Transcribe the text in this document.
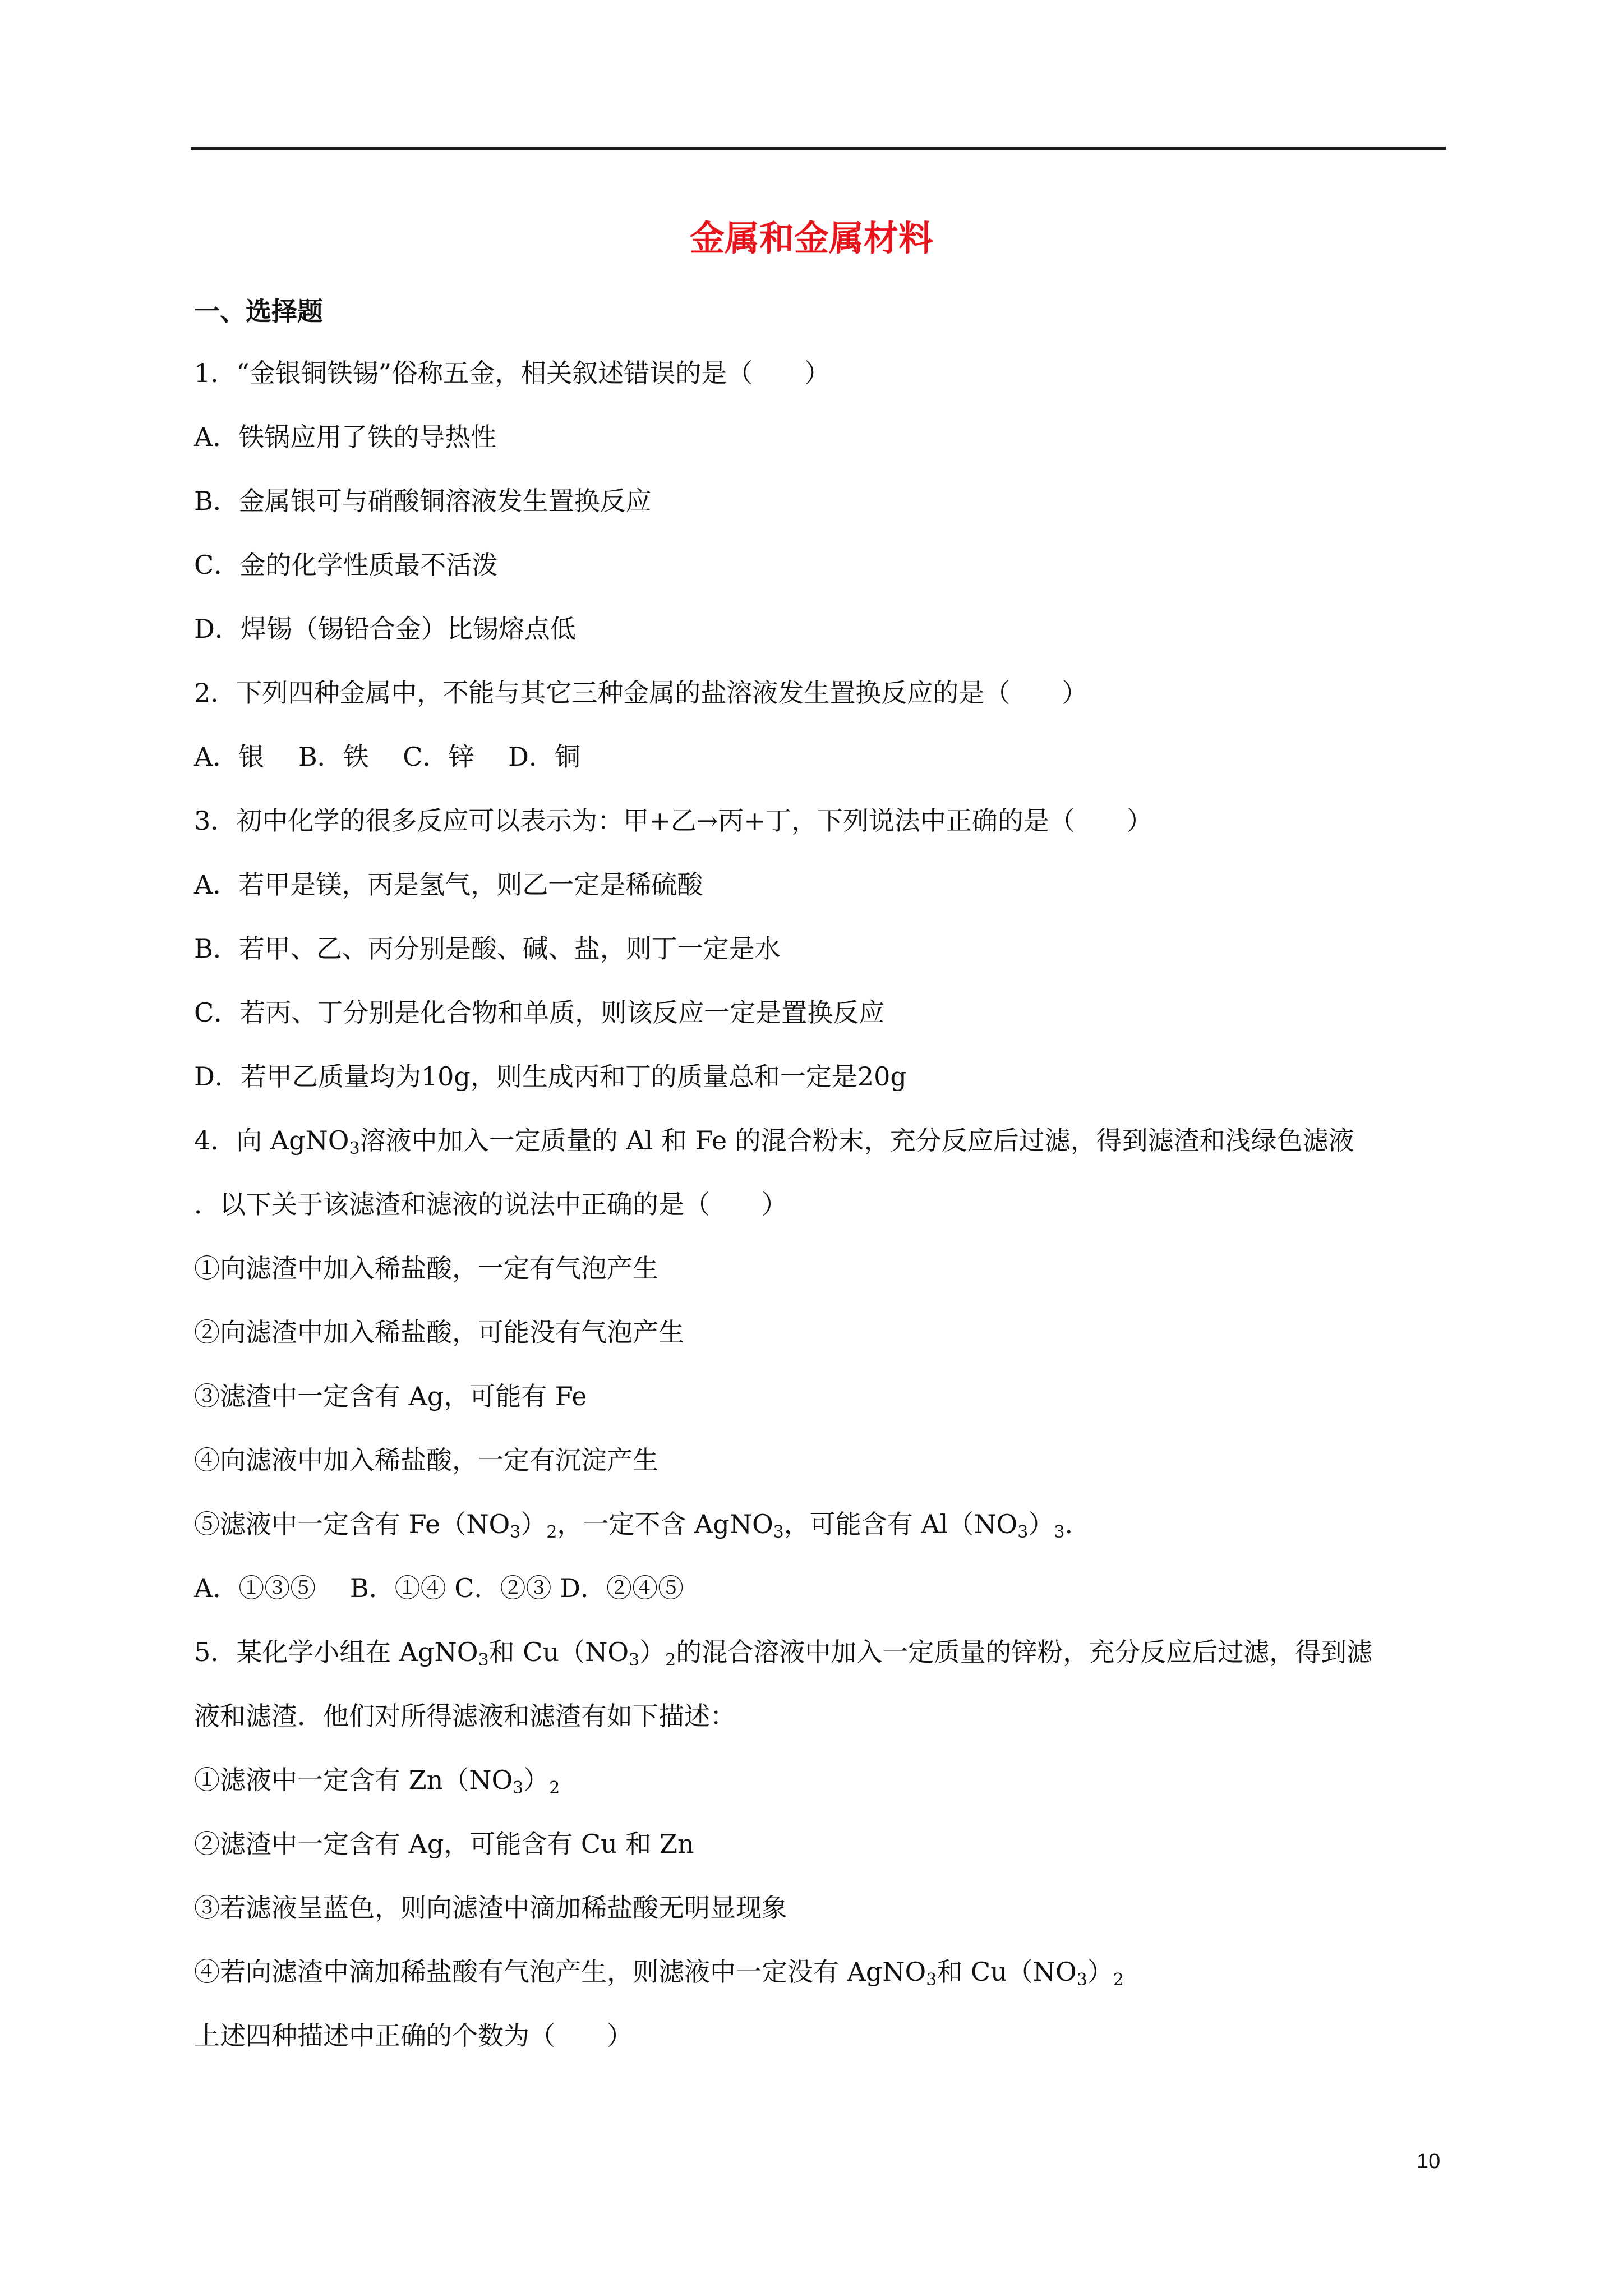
金属和金属材料
一、选择题
1．“金银铜铁锡”俗称五金，相关叙述错误的是（　　）
A．铁锅应用了铁的导热性
B．金属银可与硝酸铜溶液发生置换反应
C．金的化学性质最不活泼
D．焊锡（锡铅合金）比锡熔点低
2．下列四种金属中，不能与其它三种金属的盐溶液发生置换反应的是（　　）
A．银　 B．铁　 C．锌　 D．铜
3．初中化学的很多反应可以表示为：甲+乙→丙+丁，下列说法中正确的是（　　）
A．若甲是镁，丙是氢气，则乙一定是稀硫酸
B．若甲、乙、丙分别是酸、碱、盐，则丁一定是水
C．若丙、丁分别是化合物和单质，则该反应一定是置换反应
D．若甲乙质量均为10g，则生成丙和丁的质量总和一定是20g
4．向 AgNO$_3$溶液中加入一定质量的 Al 和 Fe 的混合粉末，充分反应后过滤，得到滤渣和浅绿色滤液
．以下关于该滤渣和滤液的说法中正确的是（　　）
①向滤渣中加入稀盐酸，一定有气泡产生
②向滤渣中加入稀盐酸，可能没有气泡产生
③滤渣中一定含有 Ag，可能有 Fe
④向滤液中加入稀盐酸，一定有沉淀产生
⑤滤液中一定含有 $Fe(NO_3)_2$，一定不含 AgNO$_3$，可能含有 $Al(NO_3)_3$.
A．①③⑤　 B．①④ C．②③ D．②④⑤
5．某化学小组在 AgNO$_3$和 $Cu(NO_3)_2$的混合溶液中加入一定质量的锌粉，充分反应后过滤，得到滤
液和滤渣．他们对所得滤液和滤渣有如下描述：
①滤液中一定含有 $Zn(NO_3)_2$
②滤渣中一定含有 Ag，可能含有 Cu 和 Zn
③若滤液呈蓝色，则向滤渣中滴加稀盐酸无明显现象
④若向滤渣中滴加稀盐酸有气泡产生，则滤液中一定没有 AgNO$_3$和 $Cu(NO_3)_2$
上述四种描述中正确的个数为（　　）
10
